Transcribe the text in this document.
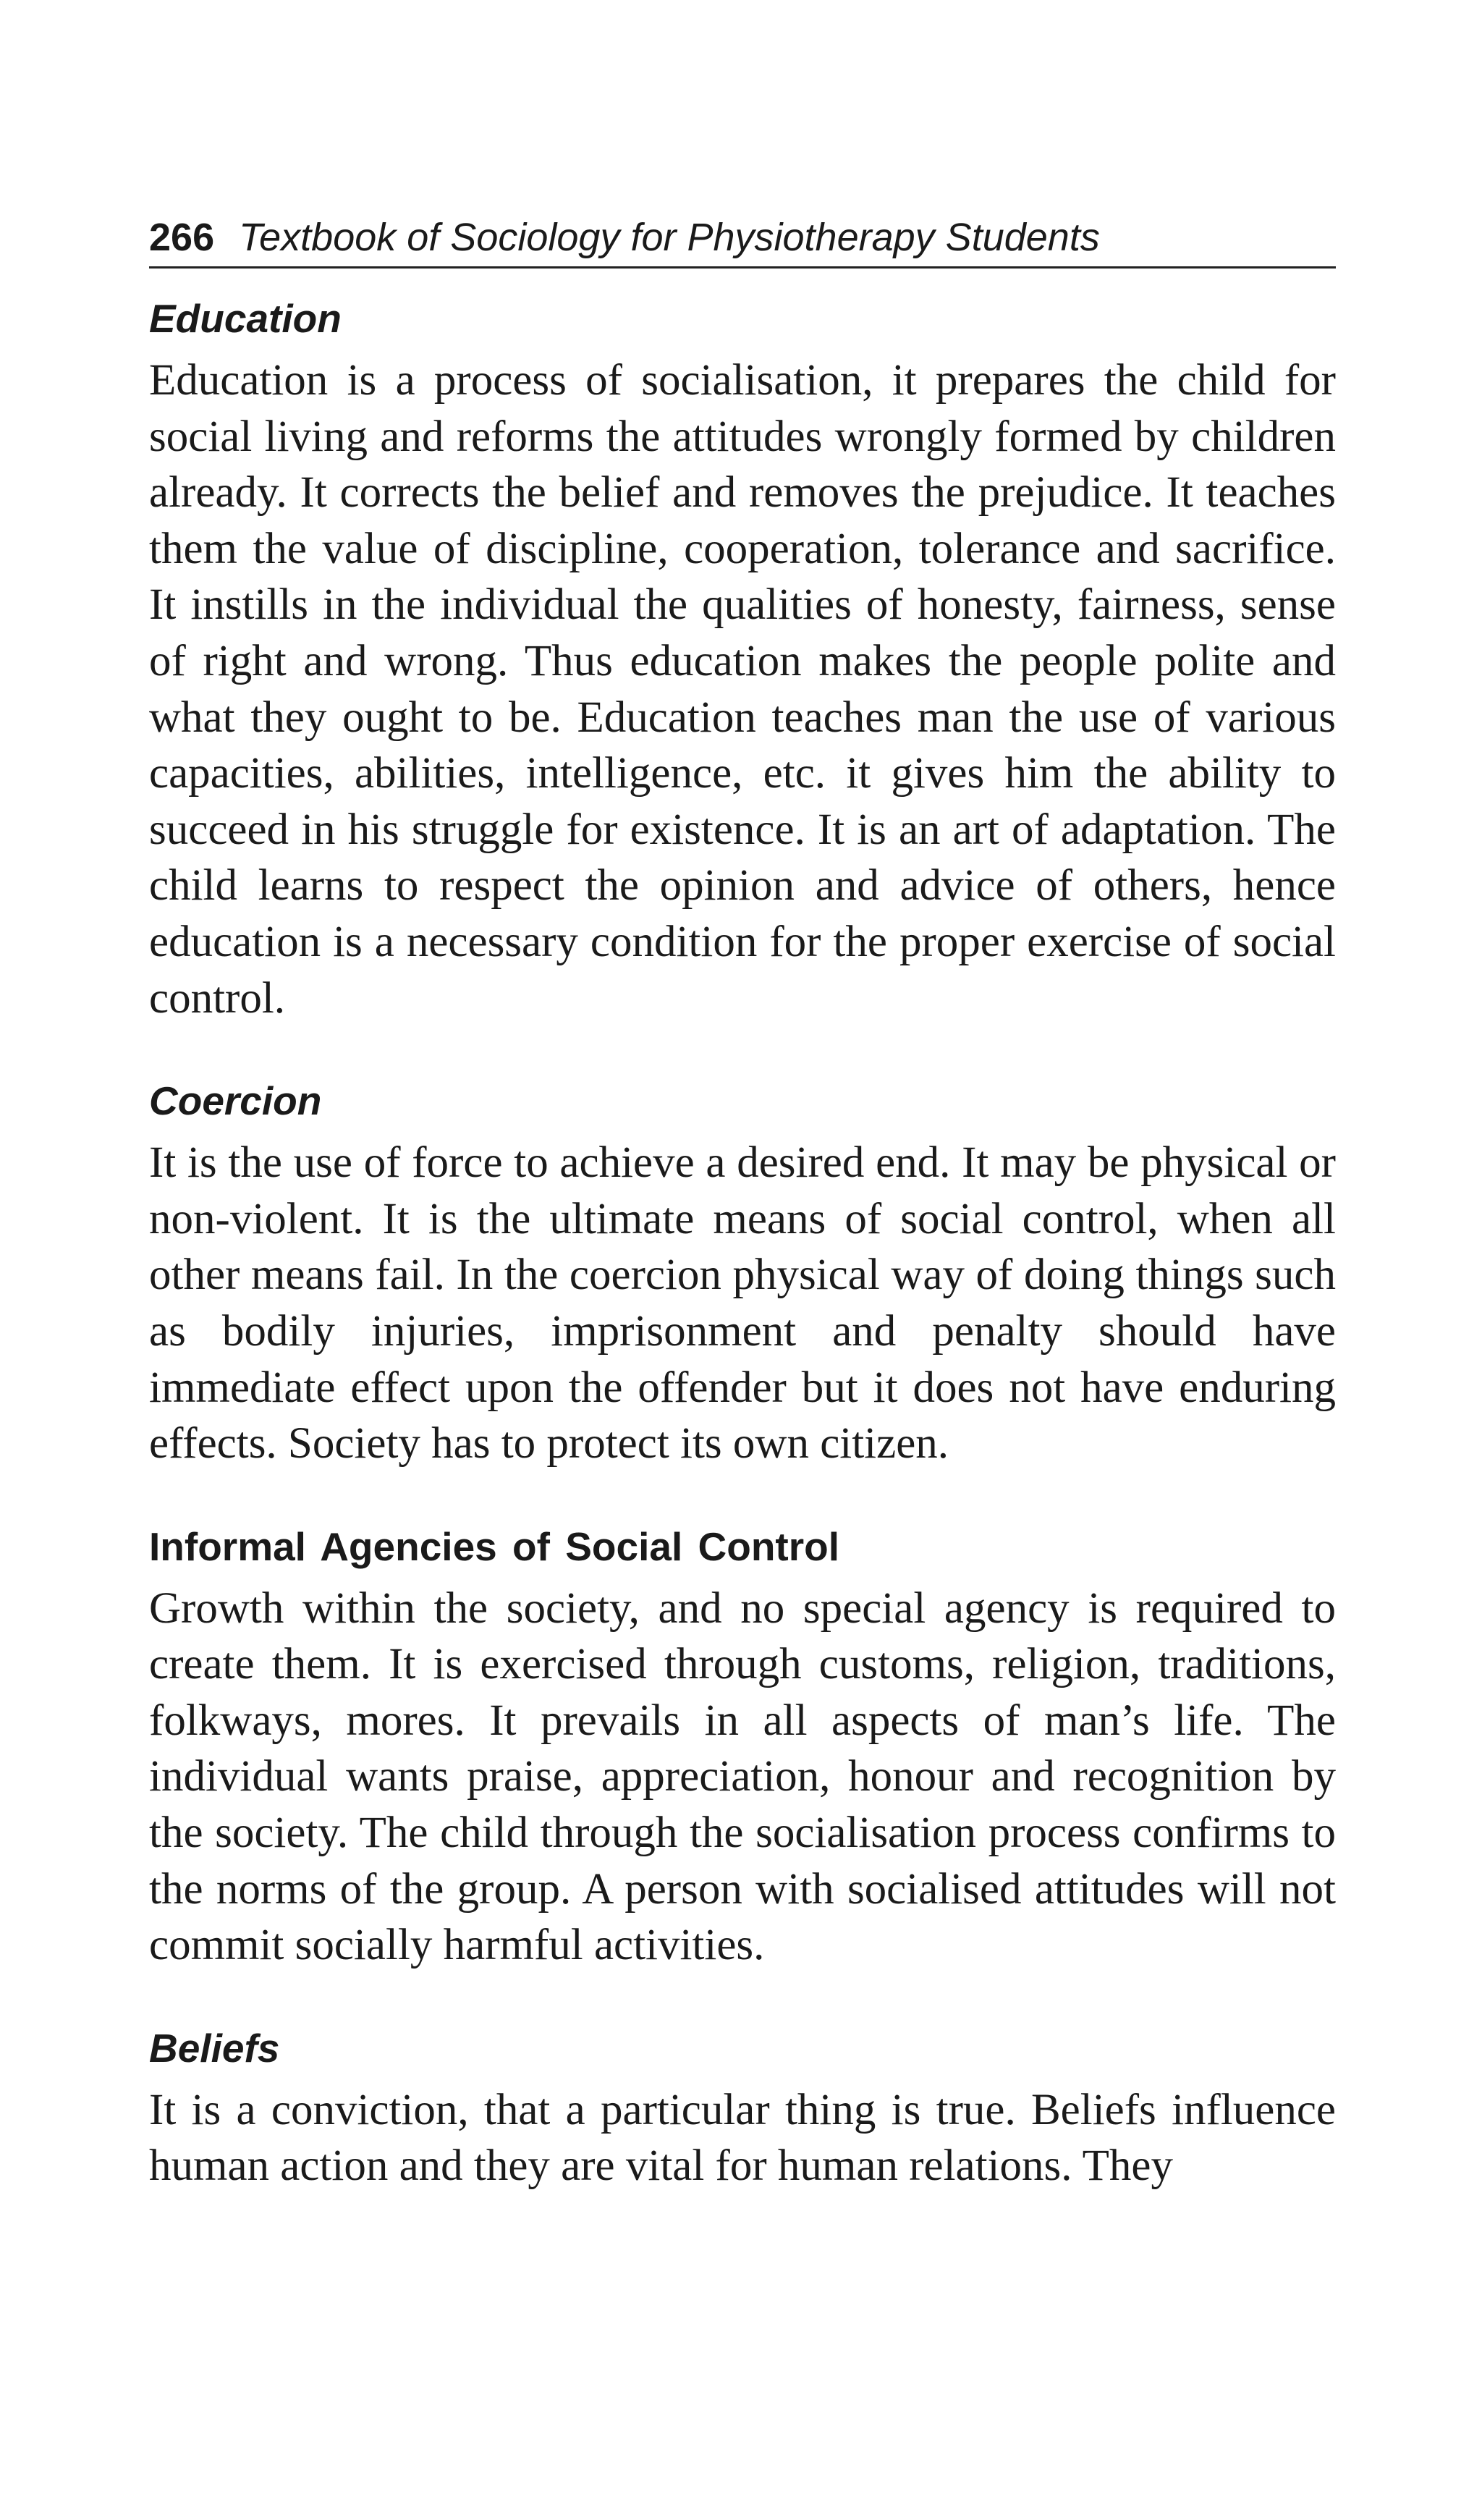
266 Textbook of Sociology for Physiotherapy Students
Education

Education is a process of socialisation, it prepares the child for social living and reforms the attitudes wrongly formed by children already. It corrects the belief and removes the prejudice. It teaches them the value of discipline, cooperation, tolerance and sacrifice. It instills in the individual the qualities of honesty, fairness, sense of right and wrong. Thus education makes the people polite and what they ought to be. Education teaches man the use of various capacities, abilities, intelligence, etc. it gives him the ability to succeed in his struggle for existence. It is an art of adaptation. The child learns to respect the opinion and advice of others, hence education is a necessary condition for the proper exercise of social control.

Coercion

It is the use of force to achieve a desired end. It may be physical or non-violent. It is the ultimate means of social control, when all other means fail. In the coercion physical way of doing things such as bodily injuries, imprisonment and penalty should have immediate effect upon the offender but it does not have enduring effects. Society has to protect its own citizen.

Informal Agencies of Social Control

Growth within the society, and no special agency is required to create them. It is exercised through customs, religion, traditions, folkways, mores. It prevails in all aspects of man’s life. The individual wants praise, appreciation, honour and recognition by the society. The child through the socialisation process confirms to the norms of the group. A person with socialised attitudes will not commit socially harmful activities.

Beliefs

It is a conviction, that a particular thing is true. Beliefs influence human action and they are vital for human relations. They
